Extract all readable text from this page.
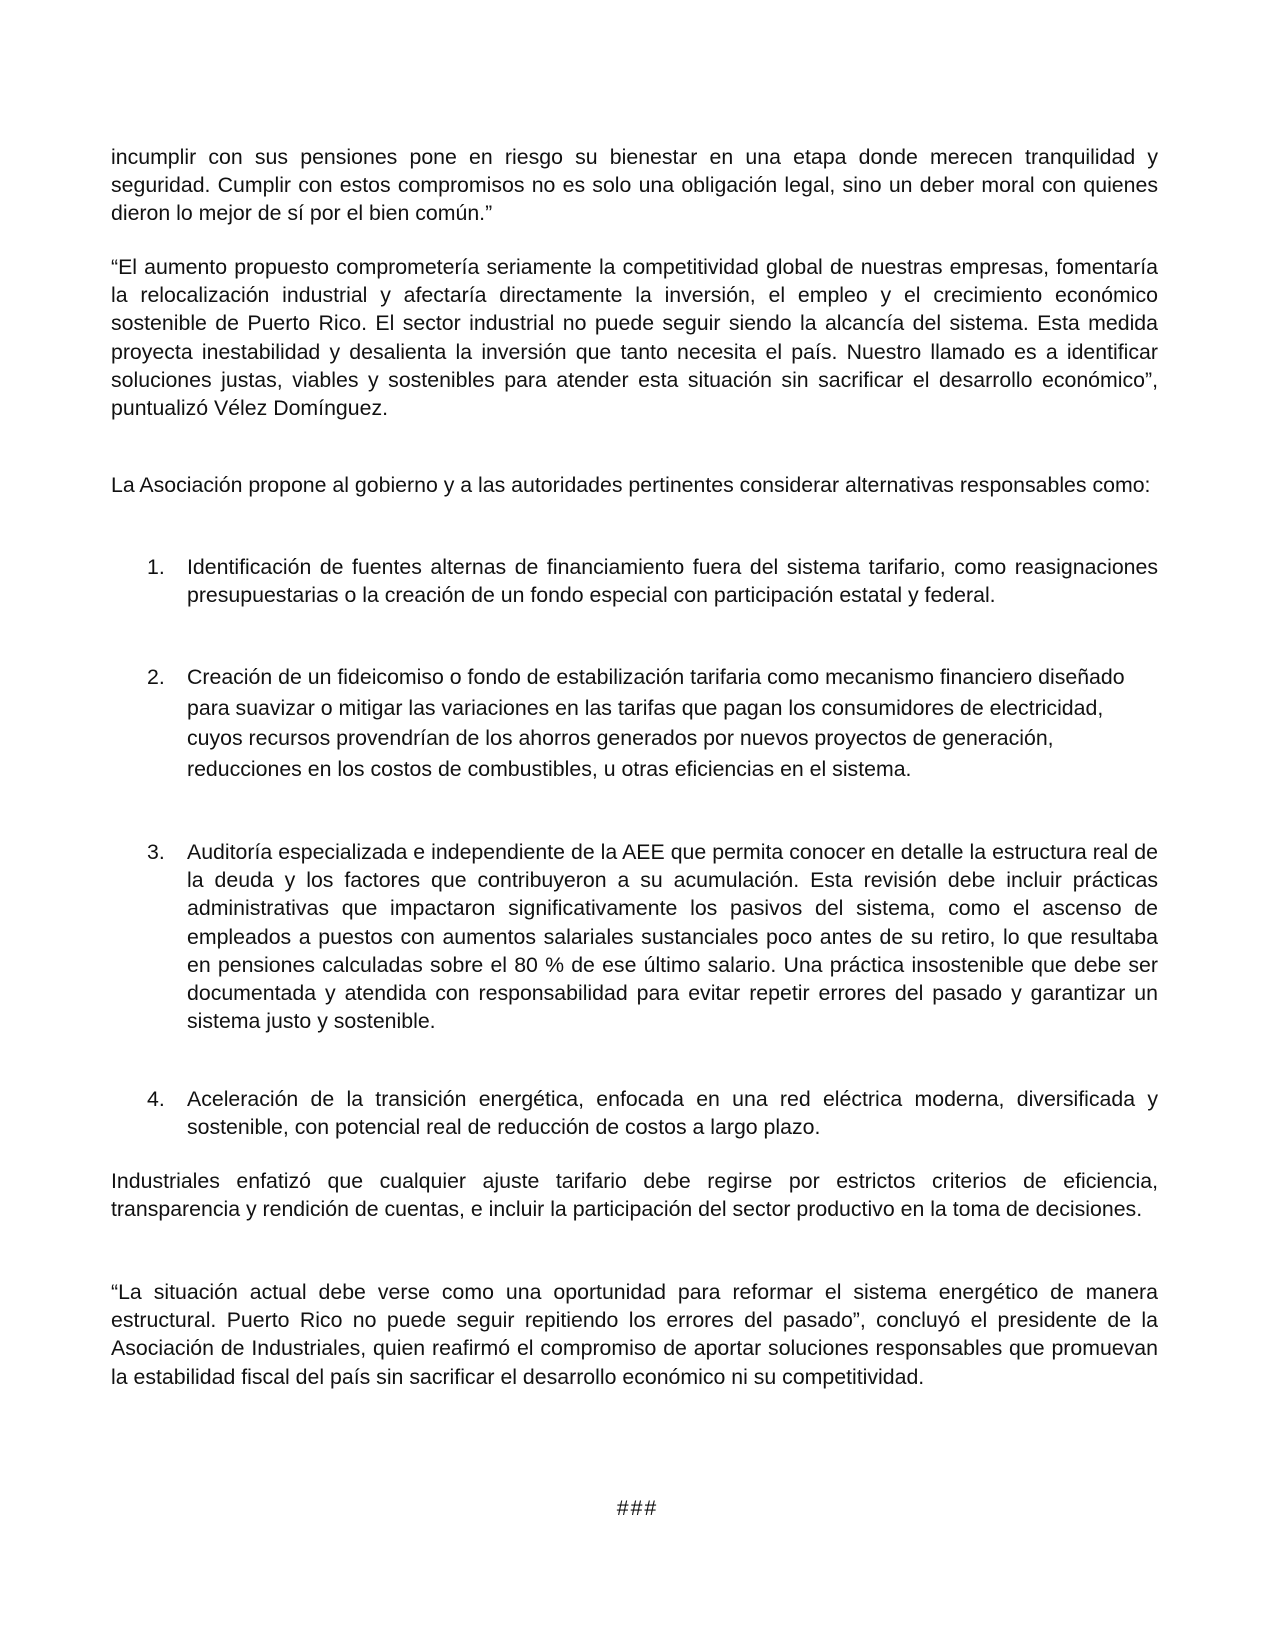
incumplir con sus pensiones pone en riesgo su bienestar en una etapa donde merecen tranquilidad y seguridad. Cumplir con estos compromisos no es solo una obligación legal, sino un deber moral con quienes dieron lo mejor de sí por el bien común.”

“El aumento propuesto comprometería seriamente la competitividad global de nuestras empresas, fomentaría la relocalización industrial y afectaría directamente la inversión, el empleo y el crecimiento económico sostenible de Puerto Rico. El sector industrial no puede seguir siendo la alcancía del sistema. Esta medida proyecta inestabilidad y desalienta la inversión que tanto necesita el país. Nuestro llamado es a identificar soluciones justas, viables y sostenibles para atender esta situación sin sacrificar el desarrollo económico”, puntualizó Vélez Domínguez.

La Asociación propone al gobierno y a las autoridades pertinentes considerar alternativas responsables como:

1. Identificación de fuentes alternas de financiamiento fuera del sistema tarifario, como reasignaciones presupuestarias o la creación de un fondo especial con participación estatal y federal.
2. Creación de un fideicomiso o fondo de estabilización tarifaria como mecanismo financiero diseñado para suavizar o mitigar las variaciones en las tarifas que pagan los consumidores de electricidad, cuyos recursos provendrían de los ahorros generados por nuevos proyectos de generación, reducciones en los costos de combustibles, u otras eficiencias en el sistema.
3. Auditoría especializada e independiente de la AEE que permita conocer en detalle la estructura real de la deuda y los factores que contribuyeron a su acumulación. Esta revisión debe incluir prácticas administrativas que impactaron significativamente los pasivos del sistema, como el ascenso de empleados a puestos con aumentos salariales sustanciales poco antes de su retiro, lo que resultaba en pensiones calculadas sobre el 80 % de ese último salario. Una práctica insostenible que debe ser documentada y atendida con responsabilidad para evitar repetir errores del pasado y garantizar un sistema justo y sostenible.
4. Aceleración de la transición energética, enfocada en una red eléctrica moderna, diversificada y sostenible, con potencial real de reducción de costos a largo plazo.

Industriales enfatizó que cualquier ajuste tarifario debe regirse por estrictos criterios de eficiencia, transparencia y rendición de cuentas, e incluir la participación del sector productivo en la toma de decisiones.

“La situación actual debe verse como una oportunidad para reformar el sistema energético de manera estructural. Puerto Rico no puede seguir repitiendo los errores del pasado”, concluyó el presidente de la Asociación de Industriales, quien reafirmó el compromiso de aportar soluciones responsables que promuevan la estabilidad fiscal del país sin sacrificar el desarrollo económico ni su competitividad.

###
